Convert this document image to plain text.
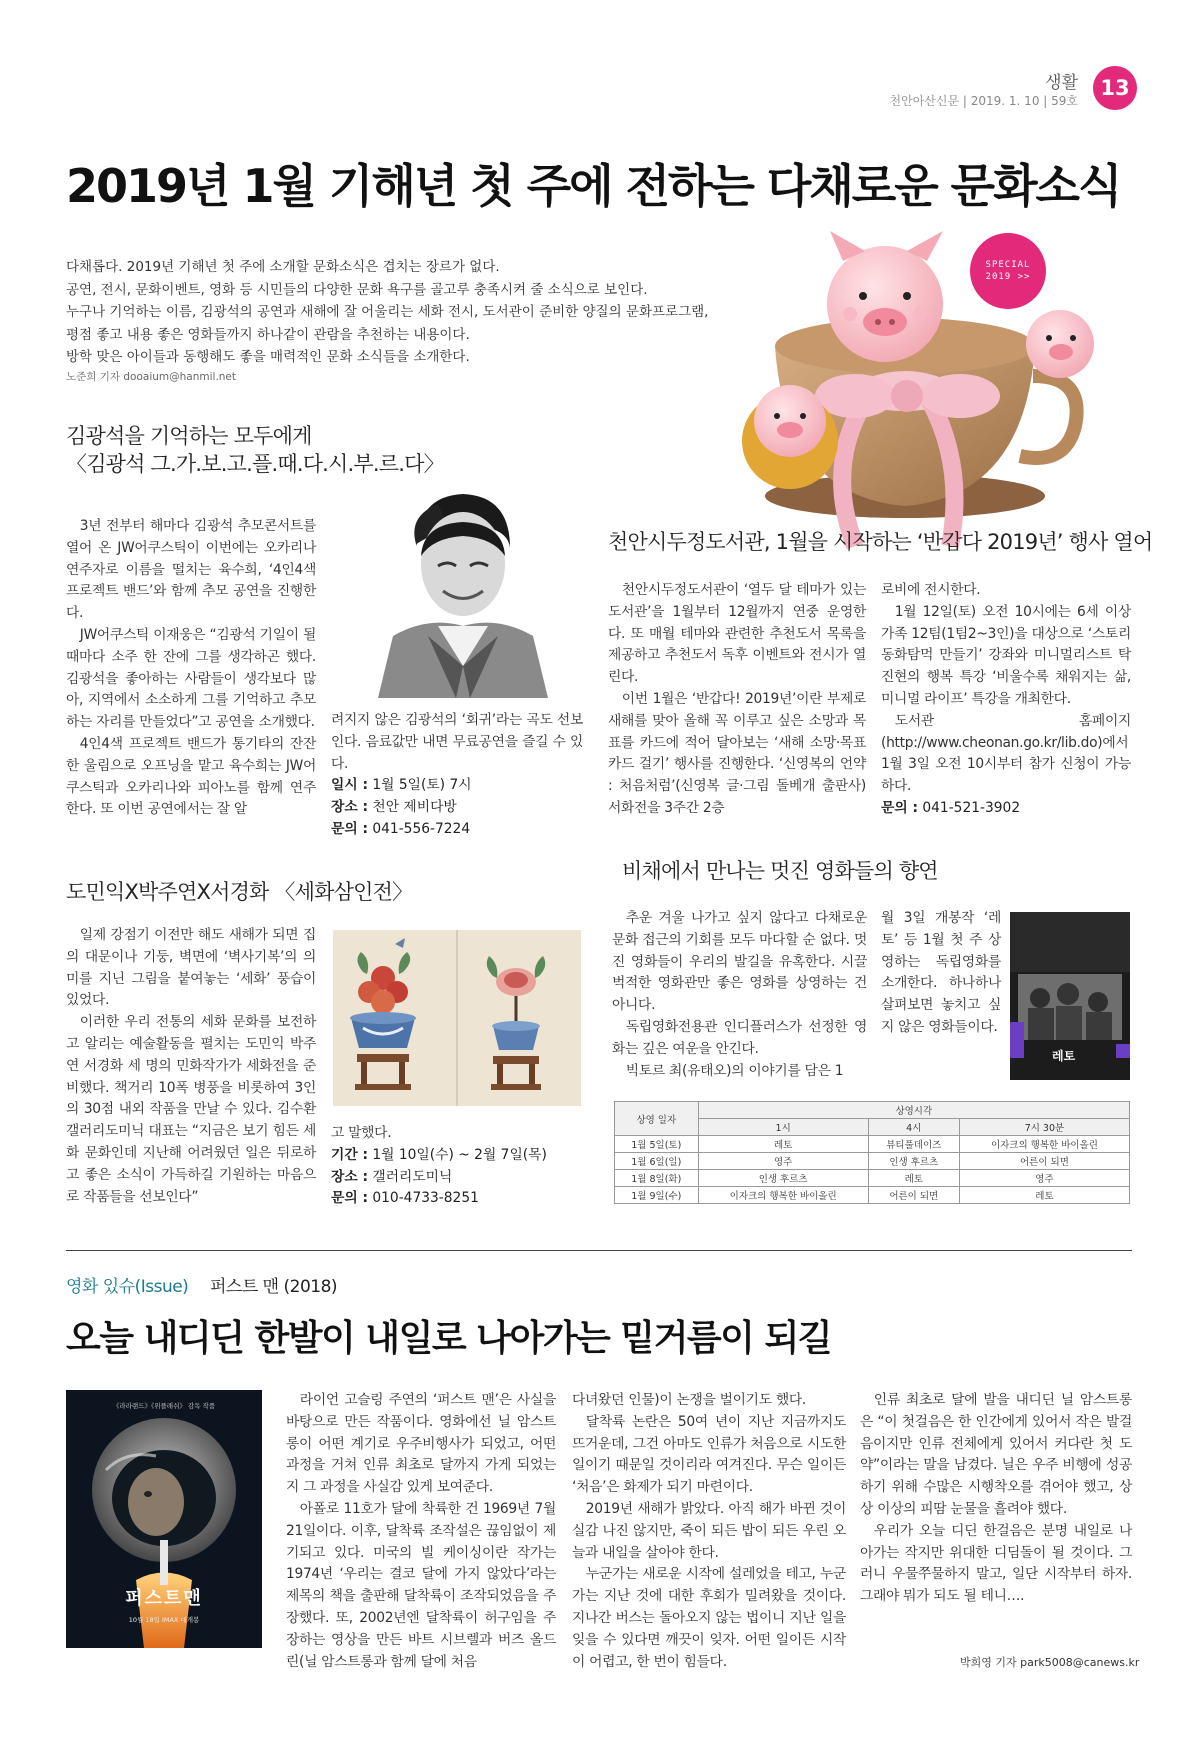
생활
천안아산신문 | 2019. 1. 10 | 59호
13
2019년 1월 기해년 첫 주에 전하는 다채로운 문화소식

다채롭다. 2019년 기해년 첫 주에 소개할 문화소식은 겹치는 장르가 없다.

공연, 전시, 문화이벤트, 영화 등 시민들의 다양한 문화 욕구를 골고루 충족시켜 줄 소식으로 보인다.

누구나 기억하는 이름, 김광석의 공연과 새해에 잘 어울리는 세화 전시, 도서관이 준비한 양질의 문화프로그램,

평점 좋고 내용 좋은 영화들까지 하나같이 관람을 추천하는 내용이다.

방학 맞은 아이들과 동행해도 좋을 매력적인 문화 소식들을 소개한다.

노준희 기자 dooaium@hanmil.net
SPECIAL
2019 >>
김광석을 기억하는 모두에게
〈김광석 그.가.보.고.플.때.다.시.부.르.다〉

3년 전부터 해마다 김광석 추모콘서트를 열어 온 JW어쿠스틱이 이번에는 오카리나 연주자로 이름을 떨치는 육수희, ‘4인4색 프로젝트 밴드’와 함께 추모 공연을 진행한다.

JW어쿠스틱 이재웅은 “김광석 기일이 될 때마다 소주 한 잔에 그를 생각하곤 했다. 김광석을 좋아하는 사람들이 생각보다 많아, 지역에서 소소하게 그를 기억하고 추모하는 자리를 만들었다”고 공연을 소개했다.

4인4색 프로젝트 밴드가 통기타의 잔잔한 울림으로 오프닝을 맡고 육수희는 JW어쿠스틱과 오카리나와 피아노를 함께 연주한다. 또 이번 공연에서는 잘 알

려지지 않은 김광석의 ‘회귀’라는 곡도 선보인다. 음료값만 내면 무료공연을 즐길 수 있다.

일시 : 1월 5일(토) 7시
장소 : 천안 제비다방
문의 : 041-556-7224
천안시두정도서관, 1월을 시작하는 ‘반갑다 2019년’ 행사 열어

천안시두정도서관이 ‘열두 달 테마가 있는 도서관’을 1월부터 12월까지 연중 운영한다. 또 매월 테마와 관련한 추천도서 목록을 제공하고 추천도서 독후 이벤트와 전시가 열린다.

이번 1월은 ‘반갑다! 2019년’이란 부제로 새해를 맞아 올해 꼭 이루고 싶은 소망과 목표를 카드에 적어 달아보는 ‘새해 소망·목표 카드 걸기’ 행사를 진행한다. ‘신영복의 언약 : 처음처럼’(신영복 글·그림 돌베개 출판사) 서화전을 3주간 2층

로비에 전시한다.

1월 12일(토) 오전 10시에는 6세 이상 가족 12팀(1팀2~3인)을 대상으로 ‘스토리 동화탐먹 만들기’ 강좌와 미니멀리스트 탁진현의 행복 특강 ‘비울수록 채워지는 삶, 미니멀 라이프’ 특강을 개최한다.

도서관 홈페이지(http://www.cheonan.go.kr/lib.do)에서 1월 3일 오전 10시부터 참가 신청이 가능하다.

문의 : 041-521-3902
도민익X박주연X서경화 〈세화삼인전〉

일제 강점기 이전만 해도 새해가 되면 집의 대문이나 기둥, 벽면에 ‘벽사기복’의 의미를 지닌 그림을 붙여놓는 ‘세화’ 풍습이 있었다.

이러한 우리 전통의 세화 문화를 보전하고 알리는 예술활동을 펼치는 도민익 박주연 서경화 세 명의 민화작가가 세화전을 준비했다. 책거리 10폭 병풍을 비롯하여 3인의 30점 내외 작품을 만날 수 있다. 김수환 갤러리도미닉 대표는 “지금은 보기 힘든 세화 문화인데 지난해 어려웠던 일은 뒤로하고 좋은 소식이 가득하길 기원하는 마음으로 작품들을 선보인다”

고 말했다.

기간 : 1월 10일(수) ~ 2월 7일(목)
장소 : 갤러리도미닉
문의 : 010-4733-8251
비채에서 만나는 멋진 영화들의 향연

추운 겨울 나가고 싶지 않다고 다채로운 문화 접근의 기회를 모두 마다할 순 없다. 멋진 영화들이 우리의 발길을 유혹한다. 시끌벅적한 영화관만 좋은 영화를 상영하는 건 아니다.

독립영화전용관 인디플러스가 선정한 영화는 깊은 여운을 안긴다.

빅토르 최(유태오)의 이야기를 담은 1

월 3일 개봉작 ‘레토’ 등 1월 첫 주 상영하는 독립영화를 소개한다. 하나하나 살펴보면 놓치고 싶지 않은 영화들이다.

레토
상영 일자	상영시각		
	1시	4시	7시 30분
1월 5일(토)	레토	뷰티풀데이즈	이자크의 행복한 바이올린
1월 6일(일)	영주	인생 후르츠	어른이 되면
1월 8일(화)	인생 후르츠	레토	영주
1월 9일(수)	이자크의 행복한 바이올린	어른이 되면	레토
영화 있슈(Issue) 퍼스트 맨 (2018)
오늘 내디딘 한발이 내일로 나아가는 밑거름이 되길
《라라랜드》《위플래쉬》 감독 작품
퍼스트맨
10월 18일 IMAX 대개봉

라이언 고슬링 주연의 ‘퍼스트 맨’은 사실을 바탕으로 만든 작품이다. 영화에선 닐 암스트롱이 어떤 계기로 우주비행사가 되었고, 어떤 과정을 거쳐 인류 최초로 달까지 가게 되었는지 그 과정을 사실감 있게 보여준다.

아폴로 11호가 달에 착륙한 건 1969년 7월 21일이다. 이후, 달착륙 조작설은 끊임없이 제기되고 있다. 미국의 빌 케이싱이란 작가는 1974년 ‘우리는 결코 달에 가지 않았다’라는 제목의 책을 출판해 달착륙이 조작되었음을 주장했다. 또, 2002년엔 달착륙이 허구임을 주장하는 영상을 만든 바트 시브렐과 버즈 올드린(닐 암스트롱과 함께 달에 처음

다녀왔던 인물)이 논쟁을 벌이기도 했다.

달착륙 논란은 50여 년이 지난 지금까지도 뜨거운데, 그건 아마도 인류가 처음으로 시도한 일이기 때문일 것이리라 여겨진다. 무슨 일이든 ‘처음’은 화제가 되기 마련이다.

2019년 새해가 밝았다. 아직 해가 바뀐 것이 실감 나진 않지만, 죽이 되든 밥이 되든 우린 오늘과 내일을 살아야 한다.

누군가는 새로운 시작에 설레었을 테고, 누군가는 지난 것에 대한 후회가 밀려왔을 것이다. 지나간 버스는 돌아오지 않는 법이니 지난 일을 잊을 수 있다면 깨끗이 잊자. 어떤 일이든 시작이 어렵고, 한 번이 힘들다.

인류 최초로 달에 발을 내디딘 닐 암스트롱은 “이 첫걸음은 한 인간에게 있어서 작은 발걸음이지만 인류 전체에게 있어서 커다란 첫 도약”이라는 말을 남겼다. 닐은 우주 비행에 성공하기 위해 수많은 시행착오를 겪어야 했고, 상상 이상의 피땀 눈물을 흘려야 했다.

우리가 오늘 디딘 한걸음은 분명 내일로 나아가는 작지만 위대한 디딤돌이 될 것이다. 그러니 우물쭈물하지 말고, 일단 시작부터 하자. 그래야 뭐가 되도 될 테니….

박희영 기자 park5008@canews.kr
